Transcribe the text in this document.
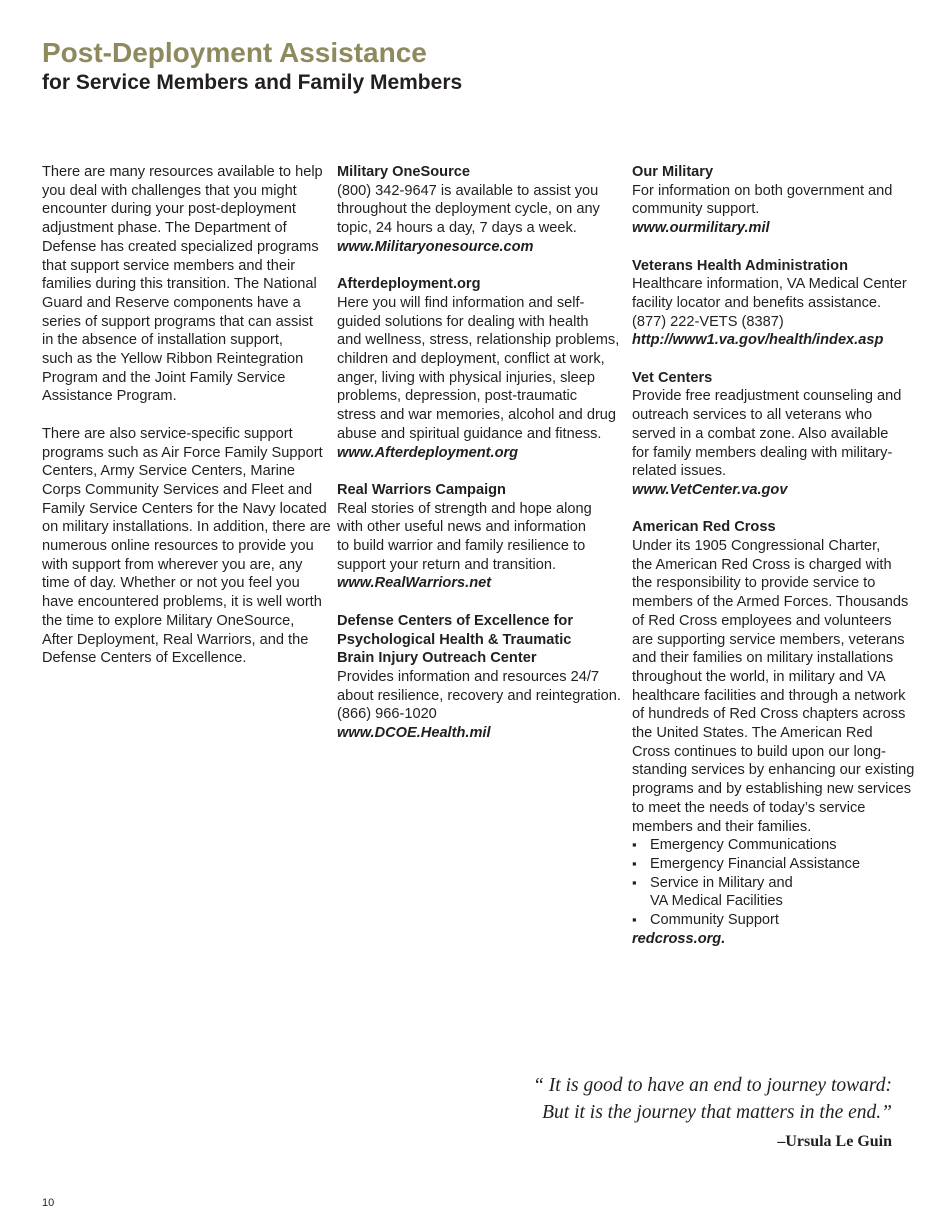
Post-Deployment Assistance
for Service Members and Family Members
There are many resources available to help
you deal with challenges that you might
encounter during your post-deployment
adjustment phase. The Department of
Defense has created specialized programs
that support service members and their
families during this transition. The National
Guard and Reserve components have a
series of support programs that can assist
in the absence of installation support,
such as the Yellow Ribbon Reintegration
Program and the Joint Family Service
Assistance Program.
There are also service-specific support
programs such as Air Force Family Support
Centers, Army Service Centers, Marine
Corps Community Services and Fleet and
Family Service Centers for the Navy located
on military installations. In addition, there are
numerous online resources to provide you
with support from wherever you are, any
time of day. Whether or not you feel you
have encountered problems, it is well worth
the time to explore Military OneSource,
After Deployment, Real Warriors, and the
Defense Centers of Excellence.
Military OneSource
(800) 342-9647 is available to assist you
throughout the deployment cycle, on any
topic, 24 hours a day, 7 days a week.
www.Militaryonesource.com
Afterdeployment.org
Here you will find information and self-
guided solutions for dealing with health
and wellness, stress, relationship problems,
children and deployment, conflict at work,
anger, living with physical injuries, sleep
problems, depression, post-traumatic
stress and war memories, alcohol and drug
abuse and spiritual guidance and fitness.
www.Afterdeployment.org
Real Warriors Campaign
Real stories of strength and hope along
with other useful news and information
to build warrior and family resilience to
support your return and transition.
www.RealWarriors.net
Defense Centers of Excellence for
Psychological Health & Traumatic
Brain Injury Outreach Center
Provides information and resources 24/7
about resilience, recovery and reintegration.
(866) 966-1020
www.DCOE.Health.mil
Our Military
For information on both government and
community support.
www.ourmilitary.mil
Veterans Health Administration
Healthcare information, VA Medical Center
facility locator and benefits assistance.
(877) 222-VETS (8387)
http://www1.va.gov/health/index.asp
Vet Centers
Provide free readjustment counseling and
outreach services to all veterans who
served in a combat zone. Also available
for family members dealing with military-
related issues.
www.VetCenter.va.gov
American Red Cross
Under its 1905 Congressional Charter,
the American Red Cross is charged with
the responsibility to provide service to
members of the Armed Forces. Thousands
of Red Cross employees and volunteers
are supporting service members, veterans
and their families on military installations
throughout the world, in military and VA
healthcare facilities and through a network
of hundreds of Red Cross chapters across
the United States. The American Red
Cross continues to build upon our long-
standing services by enhancing our existing
programs and by establishing new services
to meet the needs of today’s service
members and their families.
▪ Emergency Communications
▪ Emergency Financial Assistance
▪ Service in Military and
VA Medical Facilities
▪ Community Support
redcross.org.
“ It is good to have an end to journey toward:
But it is the journey that matters in the end.”
–Ursula Le Guin
10
